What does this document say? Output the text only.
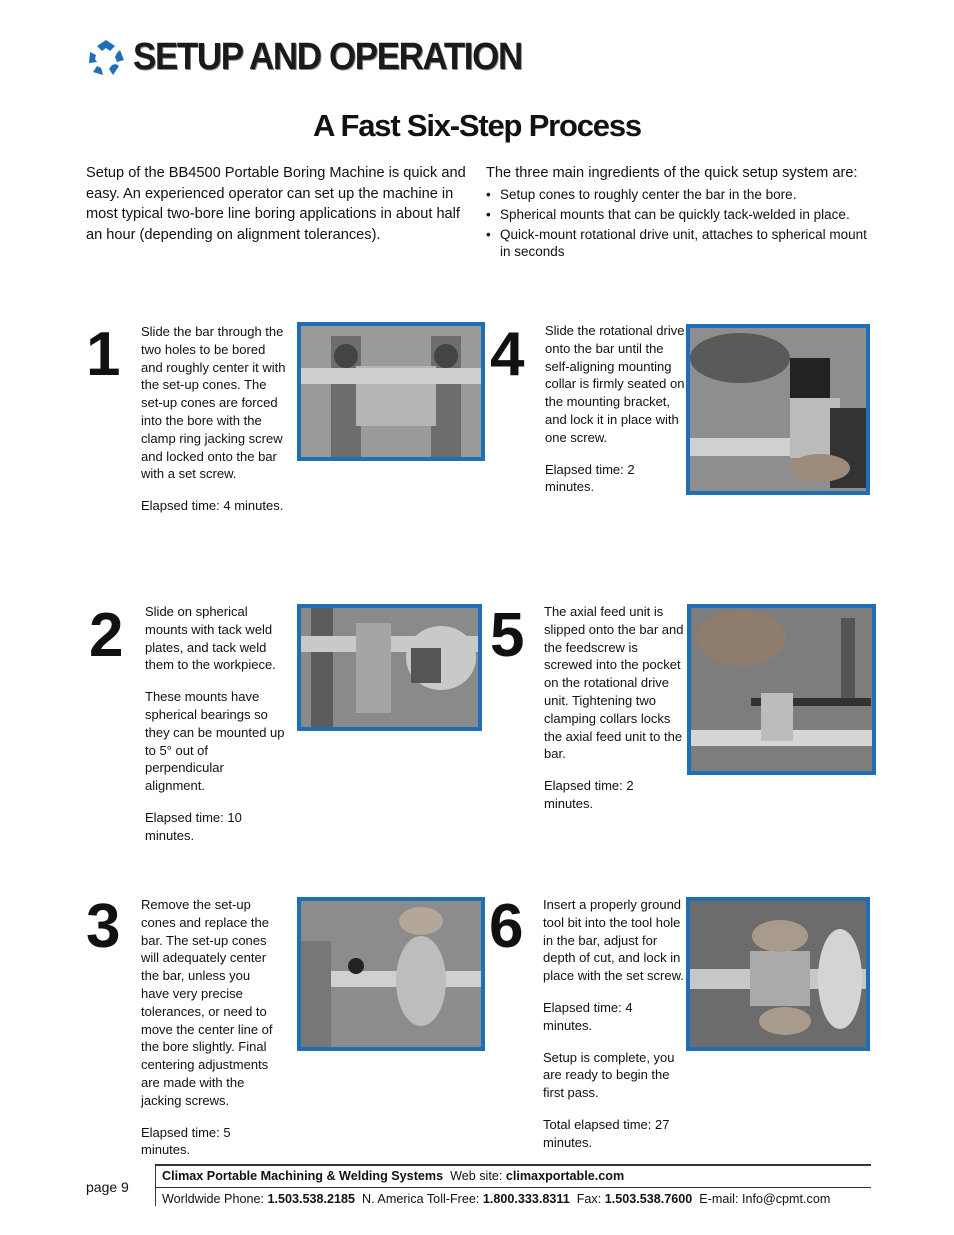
SETUP AND OPERATION
A Fast Six-Step Process
Setup of the BB4500 Portable Boring Machine is quick and easy. An experienced operator can set up the machine in most typical two-bore line boring applications in about half an hour (depending on alignment tolerances).
The three main ingredients of the quick setup system are:
• Setup cones to roughly center the bar in the bore.
• Spherical mounts that can be quickly tack-welded in place.
• Quick-mount rotational drive unit, attaches to spherical mount in seconds
1 Slide the bar through the two holes to be bored and roughly center it with the set-up cones. The set-up cones are forced into the bore with the clamp ring jacking screw and locked onto the bar with a set screw.

Elapsed time: 4 minutes.

4 Slide the rotational drive onto the bar until the self-aligning mounting collar is firmly seated on the mounting bracket, and lock it in place with one screw.

Elapsed time: 2 minutes.

2 Slide on spherical mounts with tack weld plates, and tack weld them to the workpiece.

These mounts have spherical bearings so they can be mounted up to 5° out of perpendicular alignment.

Elapsed time: 10 minutes.

5 The axial feed unit is slipped onto the bar and the feedscrew is screwed into the pocket on the rotational drive unit. Tightening two clamping collars locks the axial feed unit to the bar.

Elapsed time: 2 minutes.

3 Remove the set-up cones and replace the bar. The set-up cones will adequately center the bar, unless you have very precise tolerances, or need to move the center line of the bore slightly. Final centering adjustments are made with the jacking screws.

Elapsed time: 5 minutes.

6 Insert a properly ground tool bit into the tool hole in the bar, adjust for depth of cut, and lock in place with the set screw.

Elapsed time: 4 minutes.

Setup is complete, you are ready to begin the first pass.

Total elapsed time: 27 minutes.

page 9
Climax Portable Machining & Welding Systems Web site: climaxportable.com
Worldwide Phone: 1.503.538.2185 N. America Toll-Free: 1.800.333.8311 Fax: 1.503.538.7600 E-mail: Info@cpmt.com
